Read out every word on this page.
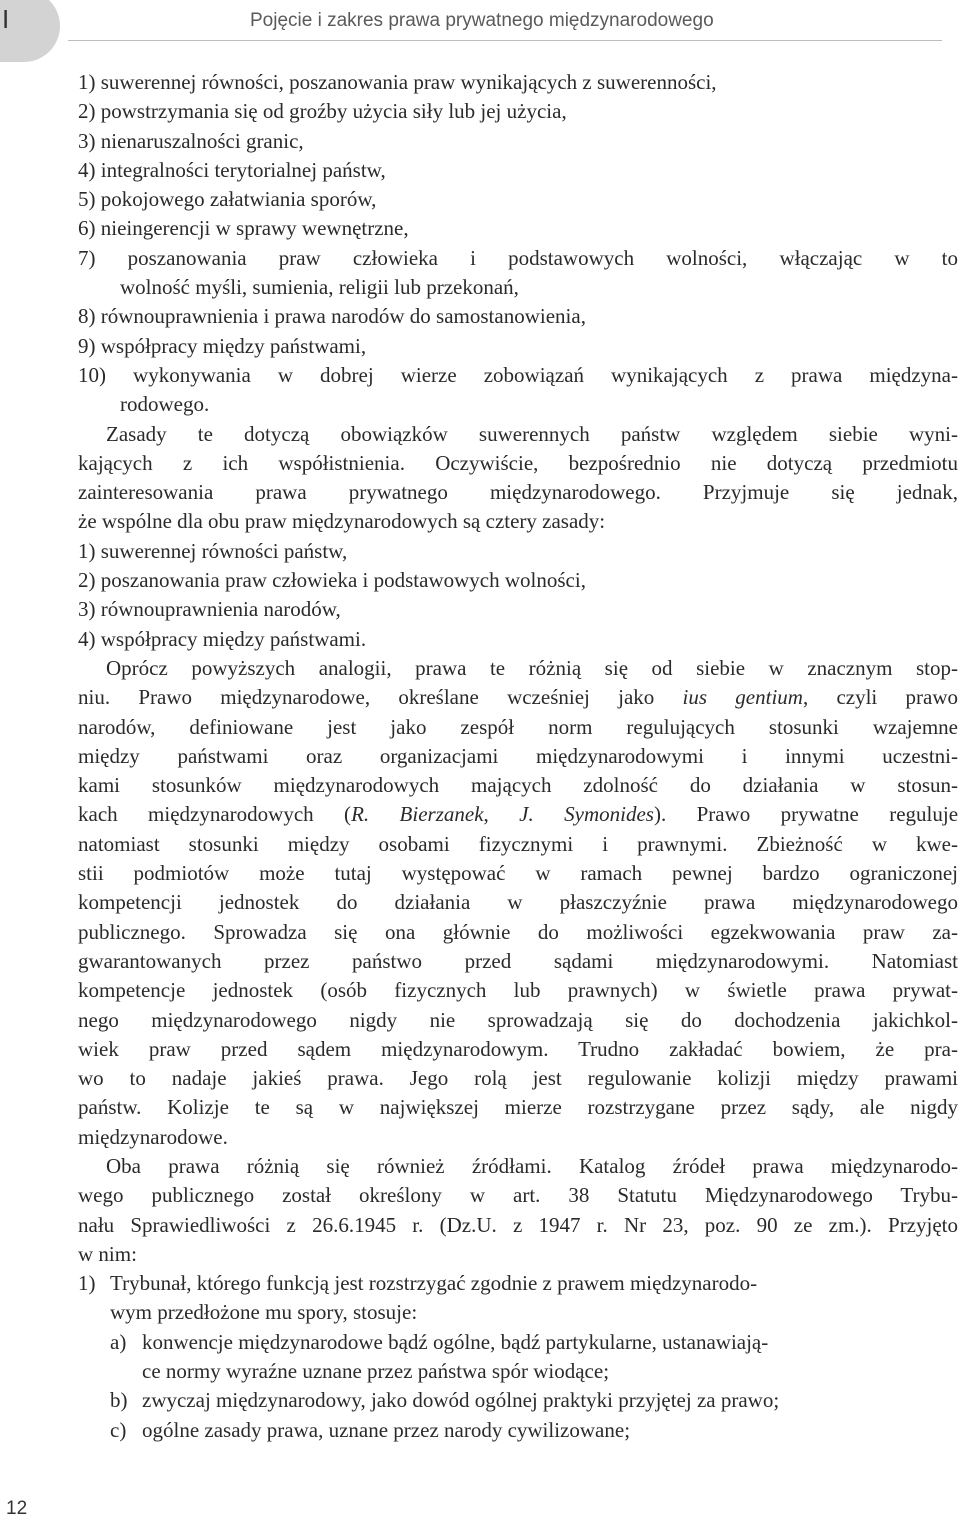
I	Pojęcie i zakres prawa prywatnego międzynarodowego
1) suwerennej równości, poszanowania praw wynikających z suwerenności,
2) powstrzymania się od groźby użycia siły lub jej użycia,
3) nienaruszalności granic,
4) integralności terytorialnej państw,
5) pokojowego załatwiania sporów,
6) nieingerencji w sprawy wewnętrzne,
7) poszanowania praw człowieka i podstawowych wolności, włączając w to
wolność myśli, sumienia, religii lub przekonań,
8) równouprawnienia i prawa narodów do samostanowienia,
9) współpracy między państwami,
10) wykonywania w dobrej wierze zobowiązań wynikających z prawa międzyna-
rodowego.
Zasady te dotyczą obowiązków suwerennych państw względem siebie wyni-
kających z ich współistnienia. Oczywiście, bezpośrednio nie dotyczą przedmiotu
zainteresowania prawa prywatnego międzynarodowego. Przyjmuje się jednak,
że wspólne dla obu praw międzynarodowych są cztery zasady:
1) suwerennej równości państw,
2) poszanowania praw człowieka i podstawowych wolności,
3) równouprawnienia narodów,
4) współpracy między państwami.
Oprócz powyższych analogii, prawa te różnią się od siebie w znacznym stop-
niu. Prawo międzynarodowe, określane wcześniej jako ius gentium, czyli prawo
narodów, definiowane jest jako zespół norm regulujących stosunki wzajemne
między państwami oraz organizacjami międzynarodowymi i innymi uczestni-
kami stosunków międzynarodowych mających zdolność do działania w stosun-
kach międzynarodowych (R. Bierzanek, J. Symonides). Prawo prywatne reguluje
natomiast stosunki między osobami fizycznymi i prawnymi. Zbieżność w kwe-
stii podmiotów może tutaj występować w ramach pewnej bardzo ograniczonej
kompetencji jednostek do działania w płaszczyźnie prawa międzynarodowego
publicznego. Sprowadza się ona głównie do możliwości egzekwowania praw za-
gwarantowanych przez państwo przed sądami międzynarodowymi. Natomiast
kompetencje jednostek (osób fizycznych lub prawnych) w świetle prawa prywat-
nego międzynarodowego nigdy nie sprowadzają się do dochodzenia jakichkol-
wiek praw przed sądem międzynarodowym. Trudno zakładać bowiem, że pra-
wo to nadaje jakieś prawa. Jego rolą jest regulowanie kolizji między prawami
państw. Kolizje te są w największej mierze rozstrzygane przez sądy, ale nigdy
międzynarodowe.
Oba prawa różnią się również źródłami. Katalog źródeł prawa międzynarodo-
wego publicznego został określony w art. 38 Statutu Międzynarodowego Trybu-
nału Sprawiedliwości z 26.6.1945 r. (Dz.U. z 1947 r. Nr 23, poz. 90 ze zm.). Przyjęto
w nim:
1) Trybunał, którego funkcją jest rozstrzygać zgodnie z prawem międzynarodo-
wym przedłożone mu spory, stosuje:
a) konwencje międzynarodowe bądź ogólne, bądź partykularne, ustanawiają-
ce normy wyraźne uznane przez państwa spór wiodące;
b) zwyczaj międzynarodowy, jako dowód ogólnej praktyki przyjętej za prawo;
c) ogólne zasady prawa, uznane przez narody cywilizowane;
12
